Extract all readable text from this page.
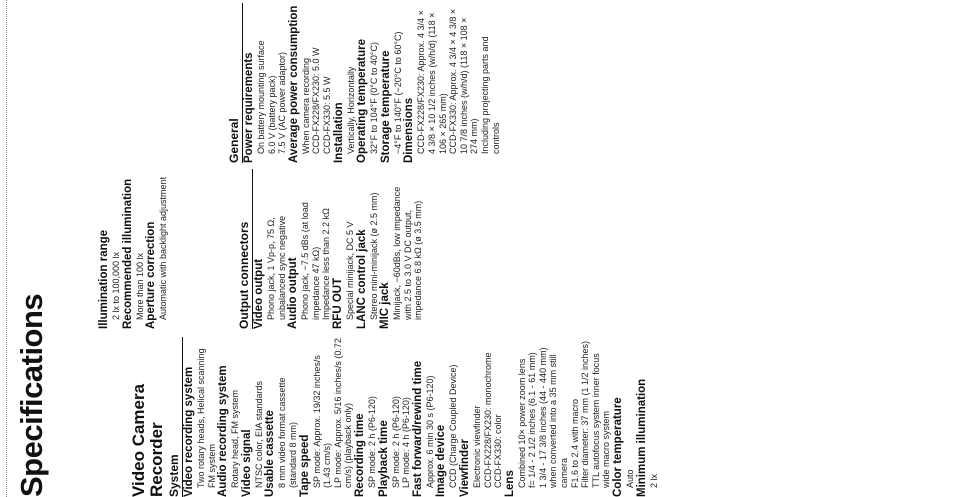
Specifications	Video Camera Recorder System Video recording system Two rotary heads, Helical scanning FM system Audio recording system Rotary head, FM system Video signal NTSC color, EIA standards Usable cassette 8 mm video format cassette (standard 8 mm) Tape speed SP mode: Approx. 19/32 inches/s (1.43 cm/s) LP mode: Approx. 5/16 inches/s (0.72 cm/s) (playback only) Recording time SP mode: 2 h (P6-120) Playback time SP mode: 2 h (P6-120) LP mode: 4 h (P6-120) Fast forward/rewind time Approx. 6 min 30 s (P6-120) Image device CCD (Charge Coupled Device) Viewfinder Electronic viewfinder CCD-FX228/FX230: monochrome CCD-FX330: color Lens Combined 10× power zoom lens f= 1/4 - 2 1/2 inches (6.1 - 61 mm) 1 3/4 - 17 3/8 inches (44 - 440 mm) when converted into a 35 mm still camera F1.6 to 2.4 with macro Filter diameter: 37 mm (1 1/2 inches) TTL autofocus system inner focus wide macro system Color temperature Auto Minimum illumination 2 lx
Illumination range 2 lx to 100,000 lx Recommended illumination More than 100 lx Aperture correction Automatic with backlight adjustment	Output connectors Video output Phono jack, 1 Vp-p, 75 Ω, unbalanced sync negative Audio output Phono jack, −7.5 dBs (at load impedance 47 kΩ) Impedance less than 2.2 kΩ RFU OUT Special minijack, DC 5 V LANC control jack Stereo mini-minijack (ø 2.5 mm) MIC jack Minijack, −60dBs, low impedance with 2.5 to 3.0 V DC output, impedance 6.8 kΩ (ø 3.5 mm)
General Power requirements On battery mounting surface 6.0 V (battery pack) 7.5 V (AC power adaptor) Average power consumption When camera recording CCD-FX228/FX230: 5.0 W CCD-FX330: 5.5 W Installation Vertically, Horizontally Operating temperature 32°F to 104°F (0°C to 40°C) Storage temperature −4°F to 140°F (−20°C to 60°C) Dimensions CCD-FX228/FX230: Approx. 4 3/4 × 4 3/8 × 10 1/2 inches (w/h/d) (118 × 106 × 265 mm) CCD-FX330: Approx. 4 3/4 × 4 3/8 × 10 7/8 inches (w/h/d) (118 × 108 × 274 mm) Including projecting parts and controls
